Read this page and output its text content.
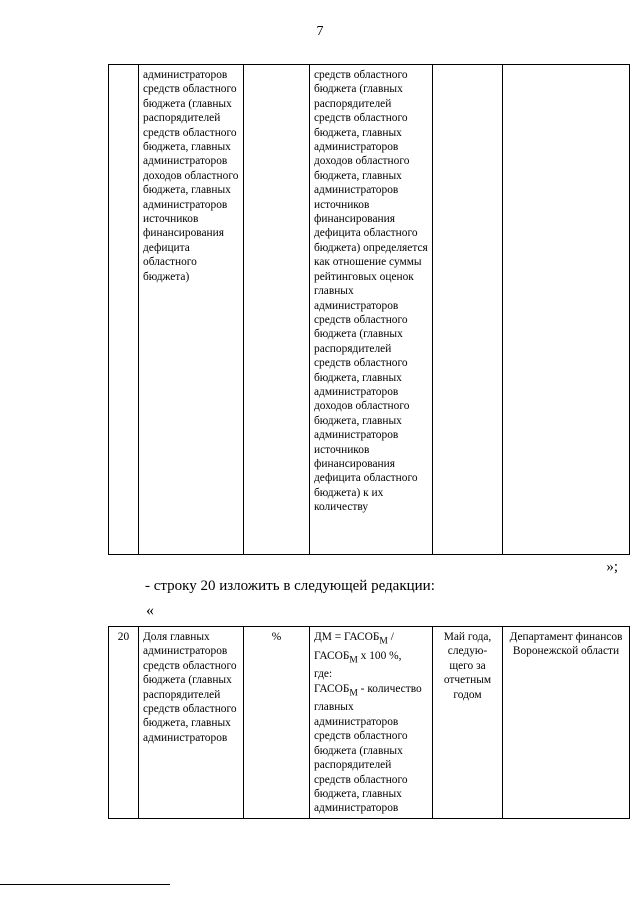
7
	администраторов средств областного бюджета (главных распорядителей средств областного бюджета, главных администраторов доходов областного бюджета, главных администраторов источников финансирования дефицита областного бюджета)		средств областного бюджета (главных распорядителей средств областного бюджета, главных администраторов доходов областного бюджета, главных администраторов источников финансирования дефицита областного бюджета) определяется как отношение суммы рейтинговых оценок главных администраторов средств областного бюджета (главных распорядителей средств областного бюджета, главных администраторов доходов областного бюджета, главных администраторов источников финансирования дефицита областного бюджета) к их количеству		
»;
- строку 20 изложить в следующей редакции:
«
20	Доля главных администраторов средств областного бюджета (главных распорядителей средств областного бюджета, главных администраторов	%	ДМ = $ГАСОБ_М$ / $ГАСОБ_М$ х 100 %,
где:
$ГАСОБ_М$ - количество главных администраторов средств областного бюджета (главных распорядителей средств областного бюджета, главных администраторов	Май года, следую-щего за отчетным годом	Департамент финансов Воронежской области
